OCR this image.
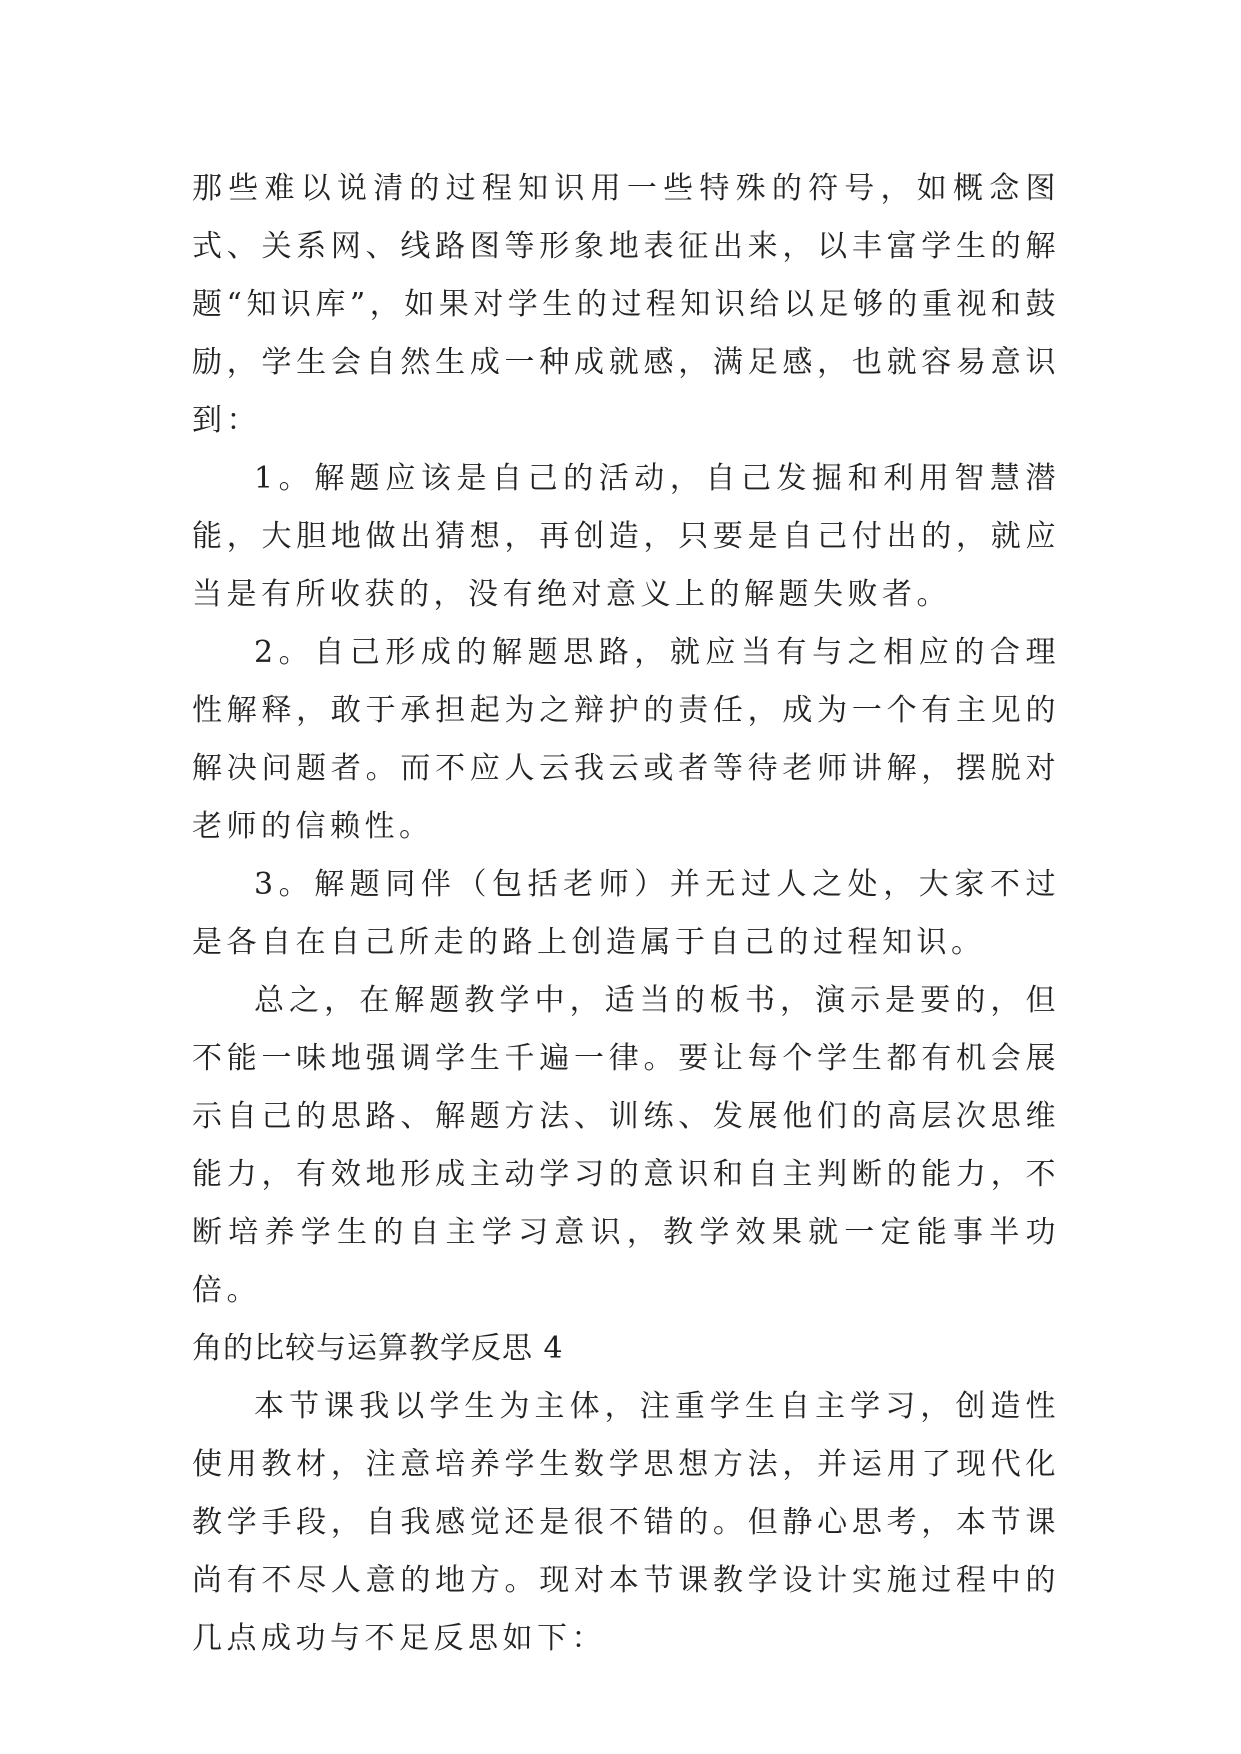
那些难以说清的过程知识用一些特殊的符号，如概念图式、关系网、线路图等形象地表征出来，以丰富学生的解题“知识库”，如果对学生的过程知识给以足够的重视和鼓励，学生会自然生成一种成就感，满足感，也就容易意识到：

1。解题应该是自己的活动，自己发掘和利用智慧潜能，大胆地做出猜想，再创造，只要是自己付出的，就应当是有所收获的，没有绝对意义上的解题失败者。

2。自己形成的解题思路，就应当有与之相应的合理性解释，敢于承担起为之辩护的责任，成为一个有主见的解决问题者。而不应人云我云或者等待老师讲解，摆脱对老师的信赖性。

3。解题同伴（包括老师）并无过人之处，大家不过是各自在自己所走的路上创造属于自己的过程知识。

总之，在解题教学中，适当的板书，演示是要的，但不能一味地强调学生千遍一律。要让每个学生都有机会展示自己的思路、解题方法、训练、发展他们的高层次思维能力，有效地形成主动学习的意识和自主判断的能力，不断培养学生的自主学习意识，教学效果就一定能事半功倍。

角的比较与运算教学反思 4

本节课我以学生为主体，注重学生自主学习，创造性使用教材，注意培养学生数学思想方法，并运用了现代化教学手段，自我感觉还是很不错的。但静心思考，本节课尚有不尽人意的地方。现对本节课教学设计实施过程中的几点成功与不足反思如下：
